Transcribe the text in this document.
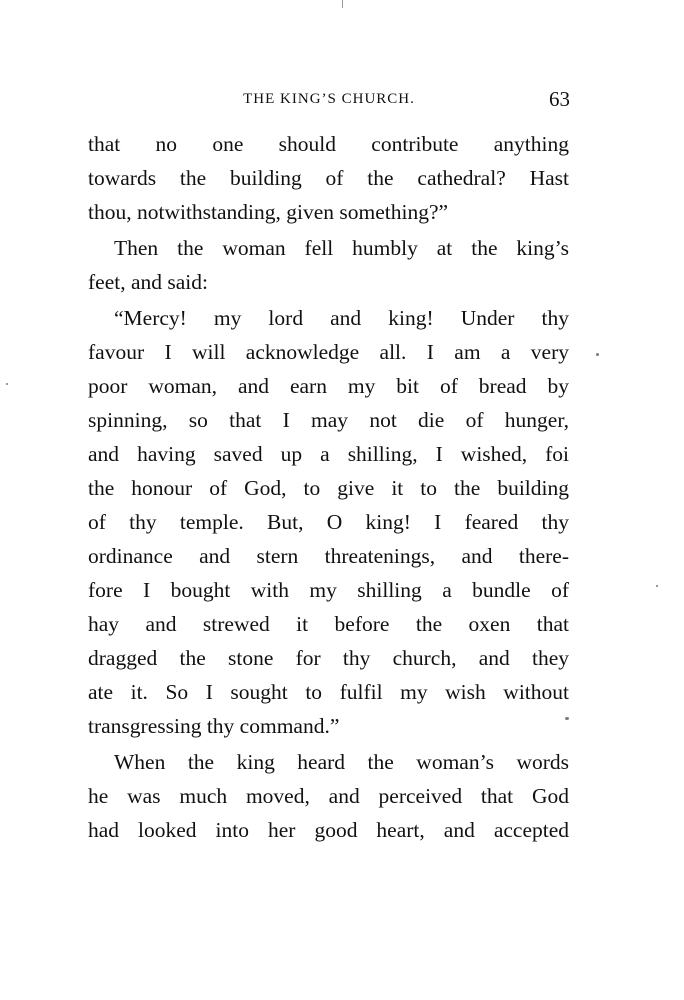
THE KING’S CHURCH.	63
that no one should contribute anything
towards the building of the cathedral? Hast
thou, notwithstanding, given something?”
Then the woman fell humbly at the king’s
feet, and said:
“Mercy! my lord and king! Under thy
favour I will acknowledge all. I am a very
poor woman, and earn my bit of bread by
spinning, so that I may not die of hunger,
and having saved up a shilling, I wished, foi
the honour of God, to give it to the building
of thy temple. But, O king! I feared thy
ordinance and stern threatenings, and there-
fore I bought with my shilling a bundle of
hay and strewed it before the oxen that
dragged the stone for thy church, and they
ate it. So I sought to fulfil my wish without
transgressing thy command.”
When the king heard the woman’s words
he was much moved, and perceived that God
had looked into her good heart, and accepted
